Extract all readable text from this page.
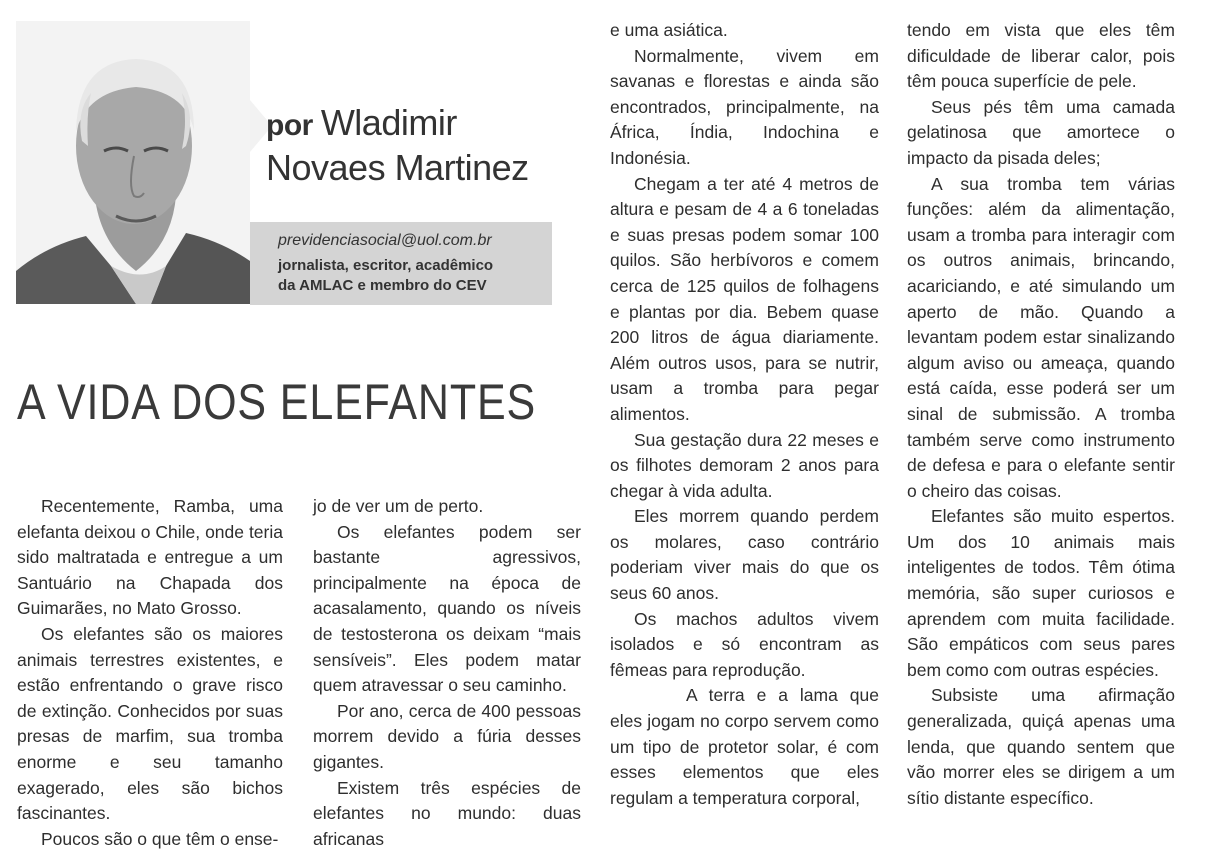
por Wladimir
Novaes Martinez
previdenciasocial@uol.com.br
jornalista, escritor, acadêmico
da AMLAC e membro do CEV
A VIDA DOS ELEFANTES

Recentemente, Ramba, uma elefanta deixou o Chile, onde teria sido maltratada e entregue a um Santuário na Chapada dos Guimarães, no Mato Grosso.

Os elefantes são os maiores animais terrestres existentes, e estão enfrentando o grave risco de extinção. Conhecidos por suas presas de marfim, sua tromba enorme e seu tamanho exagerado, eles são bichos fascinantes.

Poucos são o que têm o ense-

jo de ver um de perto.

Os elefantes podem ser bastante agressivos, principalmente na época de acasalamento, quando os níveis de testosterona os deixam “mais sensíveis”. Eles podem matar quem atravessar o seu caminho.

Por ano, cerca de 400 pessoas morrem devido a fúria desses gigantes.

Existem três espécies de elefantes no mundo: duas africanas

e uma asiática.

Normalmente, vivem em savanas e florestas e ainda são encontrados, principalmente, na África, Índia, Indochina e Indonésia.

Chegam a ter até 4 metros de altura e pesam de 4 a 6 toneladas e suas presas podem somar 100 quilos. São herbívoros e comem cerca de 125 quilos de folhagens e plantas por dia. Bebem quase 200 litros de água diariamente. Além outros usos, para se nutrir, usam a tromba para pegar alimentos.

Sua gestação dura 22 meses e os filhotes demoram 2 anos para chegar à vida adulta.

Eles morrem quando perdem os molares, caso contrário poderiam viver mais do que os seus 60 anos.

Os machos adultos vivem isolados e só encontram as fêmeas para reprodução.

A terra e a lama que eles jogam no corpo servem como um tipo de protetor solar, é com esses elementos que eles regulam a temperatura corporal,

tendo em vista que eles têm dificuldade de liberar calor, pois têm pouca superfície de pele.

Seus pés têm uma camada gelatinosa que amortece o impacto da pisada deles;

A sua tromba tem várias funções: além da alimentação, usam a tromba para interagir com os outros animais, brincando, acariciando, e até simulando um aperto de mão. Quando a levantam podem estar sinalizando algum aviso ou ameaça, quando está caída, esse poderá ser um sinal de submissão. A tromba também serve como instrumento de defesa e para o elefante sentir o cheiro das coisas.

Elefantes são muito espertos. Um dos 10 animais mais inteligentes de todos. Têm ótima memória, são super curiosos e aprendem com muita facilidade. São empáticos com seus pares bem como com outras espécies.

Subsiste uma afirmação generalizada, quiçá apenas uma lenda, que quando sentem que vão morrer eles se dirigem a um sítio distante específico.
